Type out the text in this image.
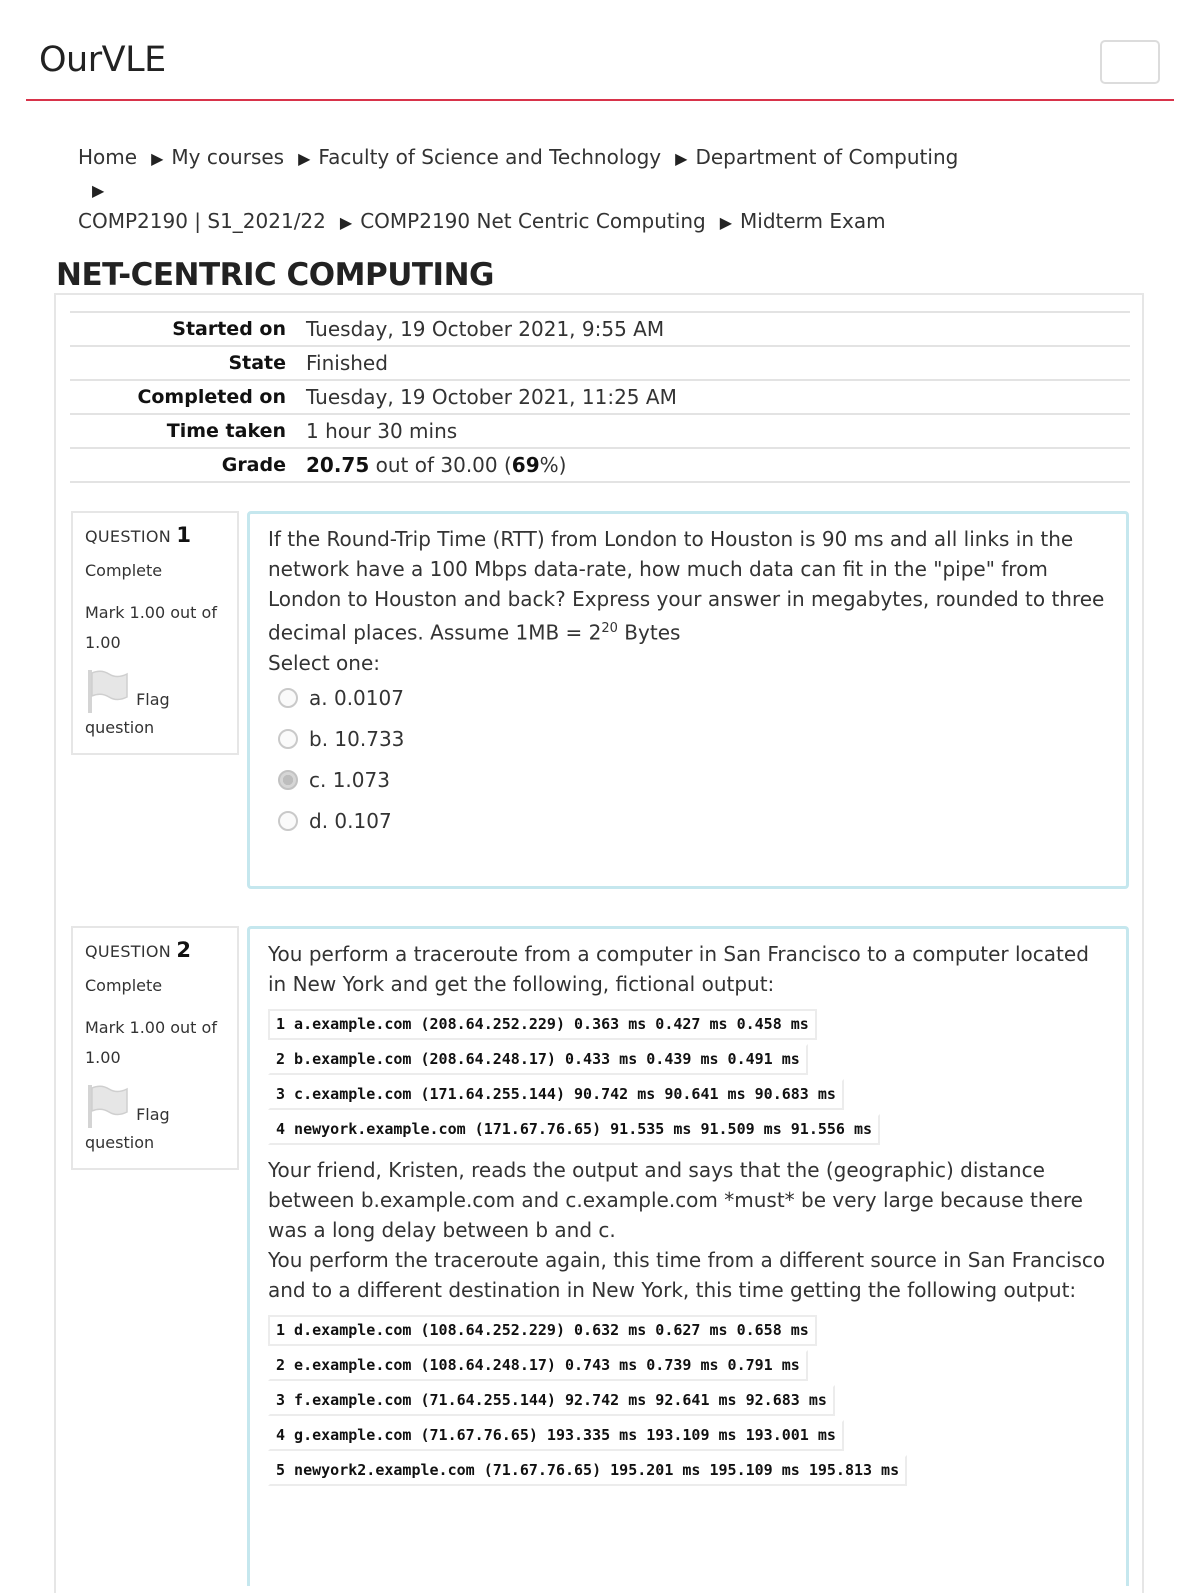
OurVLE
Home ▶ My courses ▶ Faculty of Science and Technology ▶ Department of Computing▶
COMP2190 | S1_2021/22 ▶ COMP2190 Net Centric Computing ▶ Midterm Exam
NET-CENTRIC COMPUTING
Started on	Tuesday, 19 October 2021, 9:55 AM
State	Finished
Completed on	Tuesday, 19 October 2021, 11:25 AM
Time taken	1 hour 30 mins
Grade	20.75 out of 30.00 (69%)
QUESTION 1
Complete
Mark 1.00 out of 1.00
Flag question

If the Round-Trip Time (RTT) from London to Houston is 90 ms and all links in the network have a 100 Mbps data-rate, how much data can fit in the "pipe" from London to Houston and back? Express your answer in megabytes, rounded to three decimal places. Assume $1MB = 2^{20}$ Bytes

Select one:

a. 0.0107
b. 10.733
c. 1.073
d. 0.107
QUESTION 2
Complete
Mark 1.00 out of 1.00
Flag question

You perform a traceroute from a computer in San Francisco to a computer located in New York and get the following, fictional output:

1 a.example.com (208.64.252.229) 0.363 ms 0.427 ms 0.458 ms
2 b.example.com (208.64.248.17) 0.433 ms 0.439 ms 0.491 ms
3 c.example.com (171.64.255.144) 90.742 ms 90.641 ms 90.683 ms
4 newyork.example.com (171.67.76.65) 91.535 ms 91.509 ms 91.556 ms

Your friend, Kristen, reads the output and says that the (geographic) distance between b.example.com and c.example.com *must* be very large because there was a long delay between b and c.

You perform the traceroute again, this time from a different source in San Francisco and to a different destination in New York, this time getting the following output:

1 d.example.com (108.64.252.229) 0.632 ms 0.627 ms 0.658 ms
2 e.example.com (108.64.248.17) 0.743 ms 0.739 ms 0.791 ms
3 f.example.com (71.64.255.144) 92.742 ms 92.641 ms 92.683 ms
4 g.example.com (71.67.76.65) 193.335 ms 193.109 ms 193.001 ms
5 newyork2.example.com (71.67.76.65) 195.201 ms 195.109 ms 195.813 ms
